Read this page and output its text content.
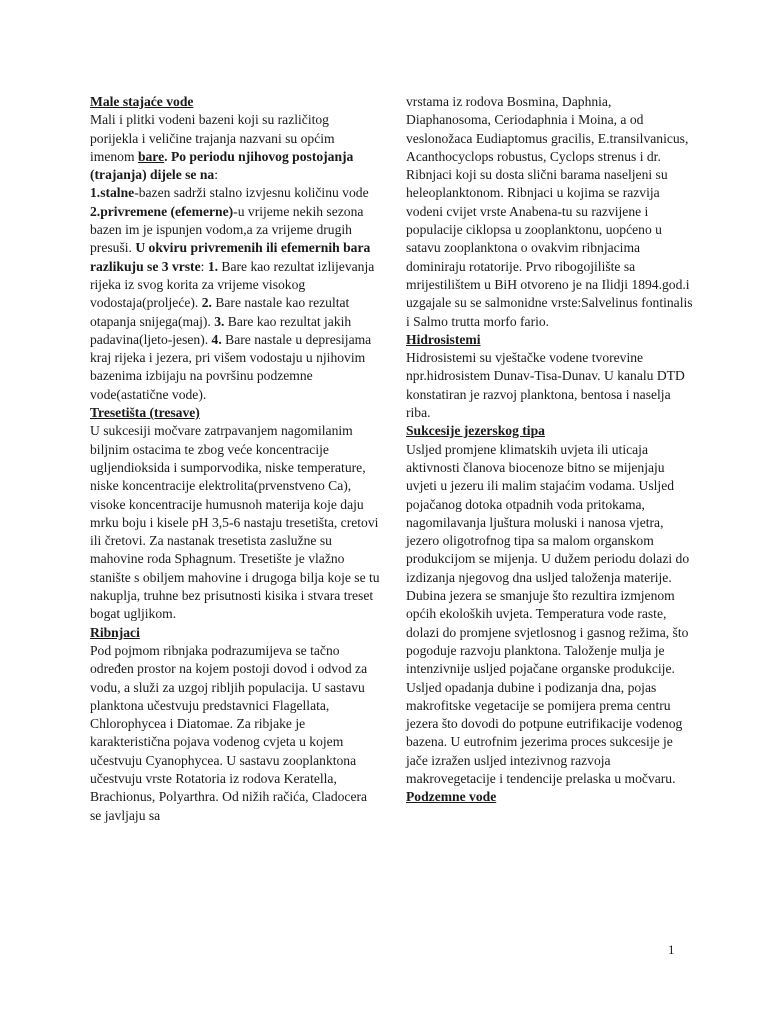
Male stajaće vode

Mali i plitki vodeni bazeni koji su različitog porijekla i veličine trajanja nazvani su općim imenom bare. Po periodu njihovog postojanja (trajanja) dijele se na:

1.stalne-bazen sadrži stalno izvjesnu količinu vode

2.privremene (efemerne)-u vrijeme nekih sezona bazen im je ispunjen vodom,a za vrijeme drugih presuši. U okviru privremenih ili efemernih bara razlikuju se 3 vrste: 1. Bare kao rezultat izlijevanja rijeka iz svog korita za vrijeme visokog vodostaja(proljeće). 2. Bare nastale kao rezultat otapanja snijega(maj). 3. Bare kao rezultat jakih padavina(ljeto-jesen). 4. Bare nastale u depresijama kraj rijeka i jezera, pri višem vodostaju u njihovim bazenima izbijaju na površinu podzemne vode(astatične vode).

Tresetišta (tresave)

U sukcesiji močvare zatrpavanjem nagomilanim biljnim ostacima te zbog veće koncentracije ugljendioksida i sumporvodika, niske temperature, niske koncentracije elektrolita(prvenstveno Ca), visoke koncentracije humusnoh materija koje daju mrku boju i kisele pH 3,5-6 nastaju tresetišta, cretovi ili čretovi. Za nastanak tresetista zaslužne su mahovine roda Sphagnum. Tresetište je vlažno stanište s obiljem mahovine i drugoga bilja koje se tu nakuplja, truhne bez prisutnosti kisika i stvara treset bogat ugljikom.

Ribnjaci

Pod pojmom ribnjaka podrazumijeva se tačno određen prostor na kojem postoji dovod i odvod za vodu, a služi za uzgoj ribljih populacija. U sastavu planktona učestvuju predstavnici Flagellata, Chlorophycea i Diatomae. Za ribjake je karakteristična pojava vodenog cvjeta u kojem učestvuju Cyanophycea. U sastavu zooplanktona učestvuju vrste Rotatoria iz rodova Keratella, Brachionus, Polyarthra. Od nižih račića, Cladocera se javljaju sa

vrstama iz rodova Bosmina, Daphnia, Diaphanosoma, Ceriodaphnia i Moina, a od veslonožaca Eudiaptomus gracilis, E.transilvanicus, Acanthocyclops robustus, Cyclops strenus i dr. Ribnjaci koji su dosta slični barama naseljeni su heleoplanktonom. Ribnjaci u kojima se razvija vodeni cvijet vrste Anabena-tu su razvijene i populacije ciklopsa u zooplanktonu, uopćeno u satavu zooplanktona o ovakvim ribnjacima dominiraju rotatorije. Prvo ribogojilište sa mrijestilištem u BiH otvoreno je na Ilidji 1894.god.i uzgajale su se salmonidne vrste:Salvelinus fontinalis i Salmo trutta morfo fario.

Hidrosistemi

Hidrosistemi su vještačke vodene tvorevine npr.hidrosistem Dunav-Tisa-Dunav. U kanalu DTD konstatiran je razvoj planktona, bentosa i naselja riba.

Sukcesije jezerskog tipa

Usljed promjene klimatskih uvjeta ili uticaja aktivnosti članova biocenoze bitno se mijenjaju uvjeti u jezeru ili malim stajaćim vodama. Usljed pojačanog dotoka otpadnih voda pritokama, nagomilavanja ljuštura moluski i nanosa vjetra, jezero oligotrofnog tipa sa malom organskom produkcijom se mijenja. U dužem periodu dolazi do izdizanja njegovog dna usljed taloženja materije. Dubina jezera se smanjuje što rezultira izmjenom općih ekoloških uvjeta. Temperatura vode raste, dolazi do promjene svjetlosnog i gasnog režima, što pogoduje razvoju planktona. Taloženje mulja je intenzivnije usljed pojačane organske produkcije. Usljed opadanja dubine i podizanja dna, pojas makrofitske vegetacije se pomijera prema centru jezera što dovodi do potpune eutrifikacije vodenog bazena. U eutrofnim jezerima proces sukcesije je jače izražen usljed intezivnog razvoja makrovegetacije i tendencije prelaska u močvaru.

Podzemne vode
1
